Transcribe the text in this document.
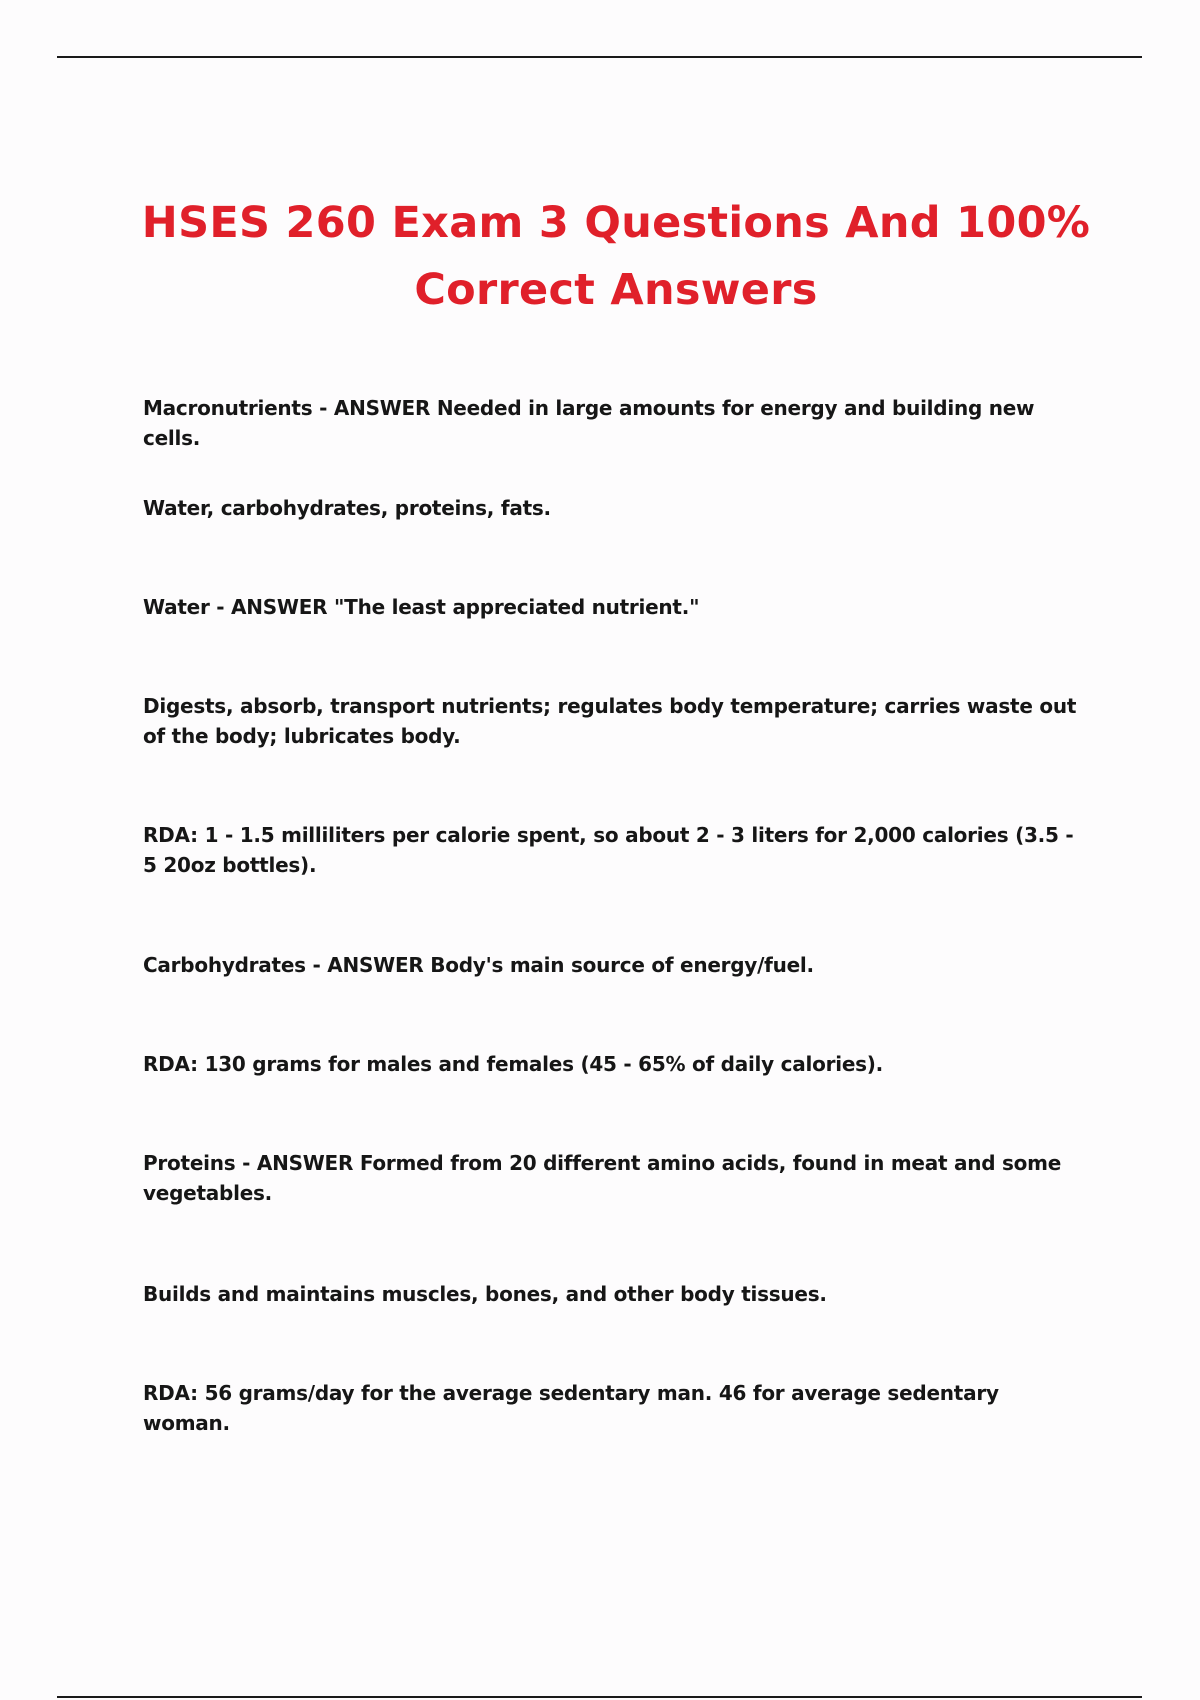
HSES 260 Exam 3 Questions And 100% Correct Answers
Macronutrients - ANSWER Needed in large amounts for energy and building new cells.
Water, carbohydrates, proteins, fats.
Water - ANSWER "The least appreciated nutrient."
Digests, absorb, transport nutrients; regulates body temperature; carries waste out of the body; lubricates body.
RDA: 1 - 1.5 milliliters per calorie spent, so about 2 - 3 liters for 2,000 calories (3.5 - 5 20oz bottles).
Carbohydrates - ANSWER Body's main source of energy/fuel.
RDA: 130 grams for males and females (45 - 65% of daily calories).
Proteins - ANSWER Formed from 20 different amino acids, found in meat and some vegetables.
Builds and maintains muscles, bones, and other body tissues.
RDA: 56 grams/day for the average sedentary man. 46 for average sedentary woman.
